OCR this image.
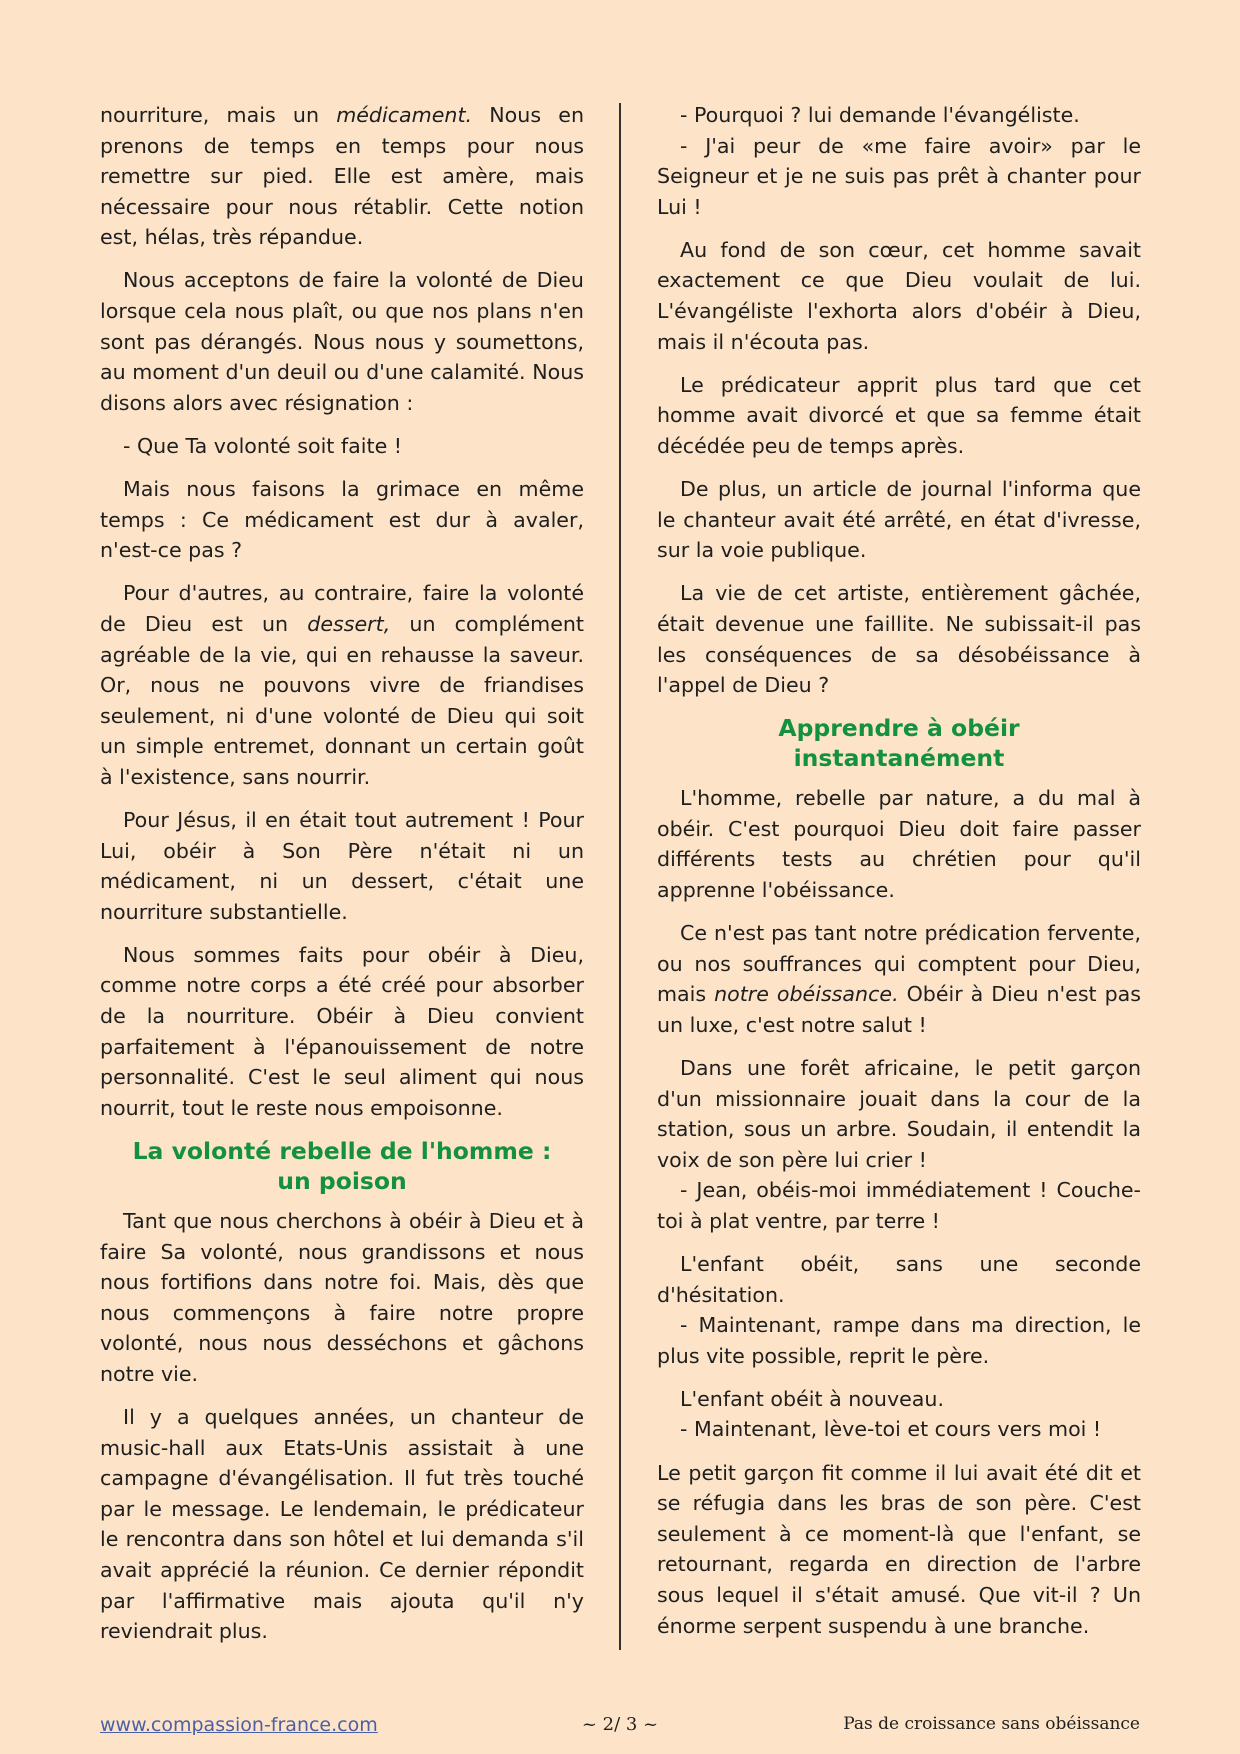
nourriture, mais un médicament. Nous en prenons de temps en temps pour nous remettre sur pied. Elle est amère, mais nécessaire pour nous rétablir. Cette notion est, hélas, très répandue.

Nous acceptons de faire la volonté de Dieu lorsque cela nous plaît, ou que nos plans n'en sont pas dérangés. Nous nous y soumettons, au moment d'un deuil ou d'une calamité. Nous disons alors avec résignation :

- Que Ta volonté soit faite !

Mais nous faisons la grimace en même temps : Ce médicament est dur à avaler, n'est-ce pas ?

Pour d'autres, au contraire, faire la volonté de Dieu est un dessert, un complément agréable de la vie, qui en rehausse la saveur. Or, nous ne pouvons vivre de friandises seulement, ni d'une volonté de Dieu qui soit un simple entremet, donnant un certain goût à l'existence, sans nourrir.

Pour Jésus, il en était tout autrement ! Pour Lui, obéir à Son Père n'était ni un médicament, ni un dessert, c'était une nourriture substantielle.

Nous sommes faits pour obéir à Dieu, comme notre corps a été créé pour absorber de la nourriture. Obéir à Dieu convient parfaitement à l'épanouissement de notre personnalité. C'est le seul aliment qui nous nourrit, tout le reste nous empoisonne.

La volonté rebelle de l'homme :
un poison

Tant que nous cherchons à obéir à Dieu et à faire Sa volonté, nous grandissons et nous nous fortifions dans notre foi. Mais, dès que nous commençons à faire notre propre volonté, nous nous desséchons et gâchons notre vie.

Il y a quelques années, un chanteur de music-hall aux Etats-Unis assistait à une campagne d'évangélisation. Il fut très touché par le message. Le lendemain, le prédicateur le rencontra dans son hôtel et lui demanda s'il avait apprécié la réunion. Ce dernier répondit par l'affirmative mais ajouta qu'il n'y reviendrait plus.

- Pourquoi ? lui demande l'évangéliste.

- J'ai peur de «me faire avoir» par le Seigneur et je ne suis pas prêt à chanter pour Lui !

Au fond de son cœur, cet homme savait exactement ce que Dieu voulait de lui. L'évangéliste l'exhorta alors d'obéir à Dieu, mais il n'écouta pas.

Le prédicateur apprit plus tard que cet homme avait divorcé et que sa femme était décédée peu de temps après.

De plus, un article de journal l'informa que le chanteur avait été arrêté, en état d'ivresse, sur la voie publique.

La vie de cet artiste, entièrement gâchée, était devenue une faillite. Ne subissait-il pas les conséquences de sa désobéissance à l'appel de Dieu ?

Apprendre à obéir
instantanément

L'homme, rebelle par nature, a du mal à obéir. C'est pourquoi Dieu doit faire passer différents tests au chrétien pour qu'il apprenne l'obéissance.

Ce n'est pas tant notre prédication fervente, ou nos souffrances qui comptent pour Dieu, mais notre obéissance. Obéir à Dieu n'est pas un luxe, c'est notre salut !

Dans une forêt africaine, le petit garçon d'un missionnaire jouait dans la cour de la station, sous un arbre. Soudain, il entendit la voix de son père lui crier !

- Jean, obéis-moi immédiatement ! Couche-toi à plat ventre, par terre !

L'enfant obéit, sans une seconde d'hésitation.

- Maintenant, rampe dans ma direction, le plus vite possible, reprit le père.

L'enfant obéit à nouveau.

- Maintenant, lève-toi et cours vers moi !

Le petit garçon fit comme il lui avait été dit et se réfugia dans les bras de son père. C'est seulement à ce moment-là que l'enfant, se retournant, regarda en direction de l'arbre sous lequel il s'était amusé. Que vit-il ? Un énorme serpent suspendu à une branche.

www.compassion-france.com	~ 2/ 3 ~	Pas de croissance sans obéissance
